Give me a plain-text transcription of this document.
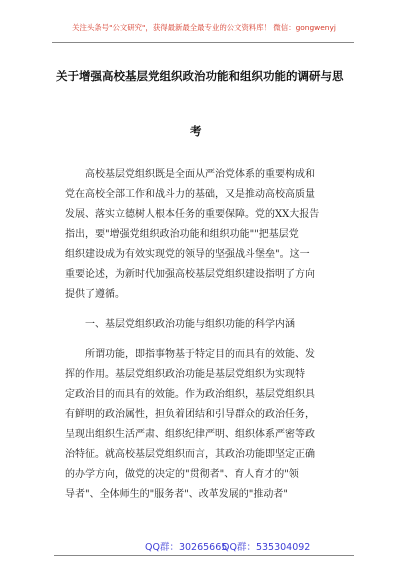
关注头条号"公文研究"，获得最新最全最专业的公文资料库！ 微信：gongwenyj
关于增强高校基层党组织政治功能和组织功能的调研与思
考
高校基层党组织既是全面从严治党体系的重要构成和
党在高校全部工作和战斗力的基础，又是推动高校高质量
发展、落实立德树人根本任务的重要保障。党的XX大报告
指出，要"增强党组织政治功能和组织功能""把基层党
组织建设成为有效实现党的领导的坚强战斗堡垒"。这一
重要论述，为新时代加强高校基层党组织建设指明了方向
提供了遵循。
一、基层党组织政治功能与组织功能的科学内涵
所谓功能，即指事物基于特定目的而具有的效能、发
挥的作用。基层党组织政治功能是基层党组织为实现特
定政治目的而具有的效能。作为政治组织，基层党组织具
有鲜明的政治属性，担负着团结和引导群众的政治任务，
呈现出组织生活严肃、组织纪律严明、组织体系严密等政
治特征。就高校基层党组织而言，其政治功能即坚定正确
的办学方向，做党的决定的"贯彻者"、育人育才的"领
导者"、全体师生的"服务者"、改革发展的"推动者"
QQ群：30265665
QQ群：535304092
